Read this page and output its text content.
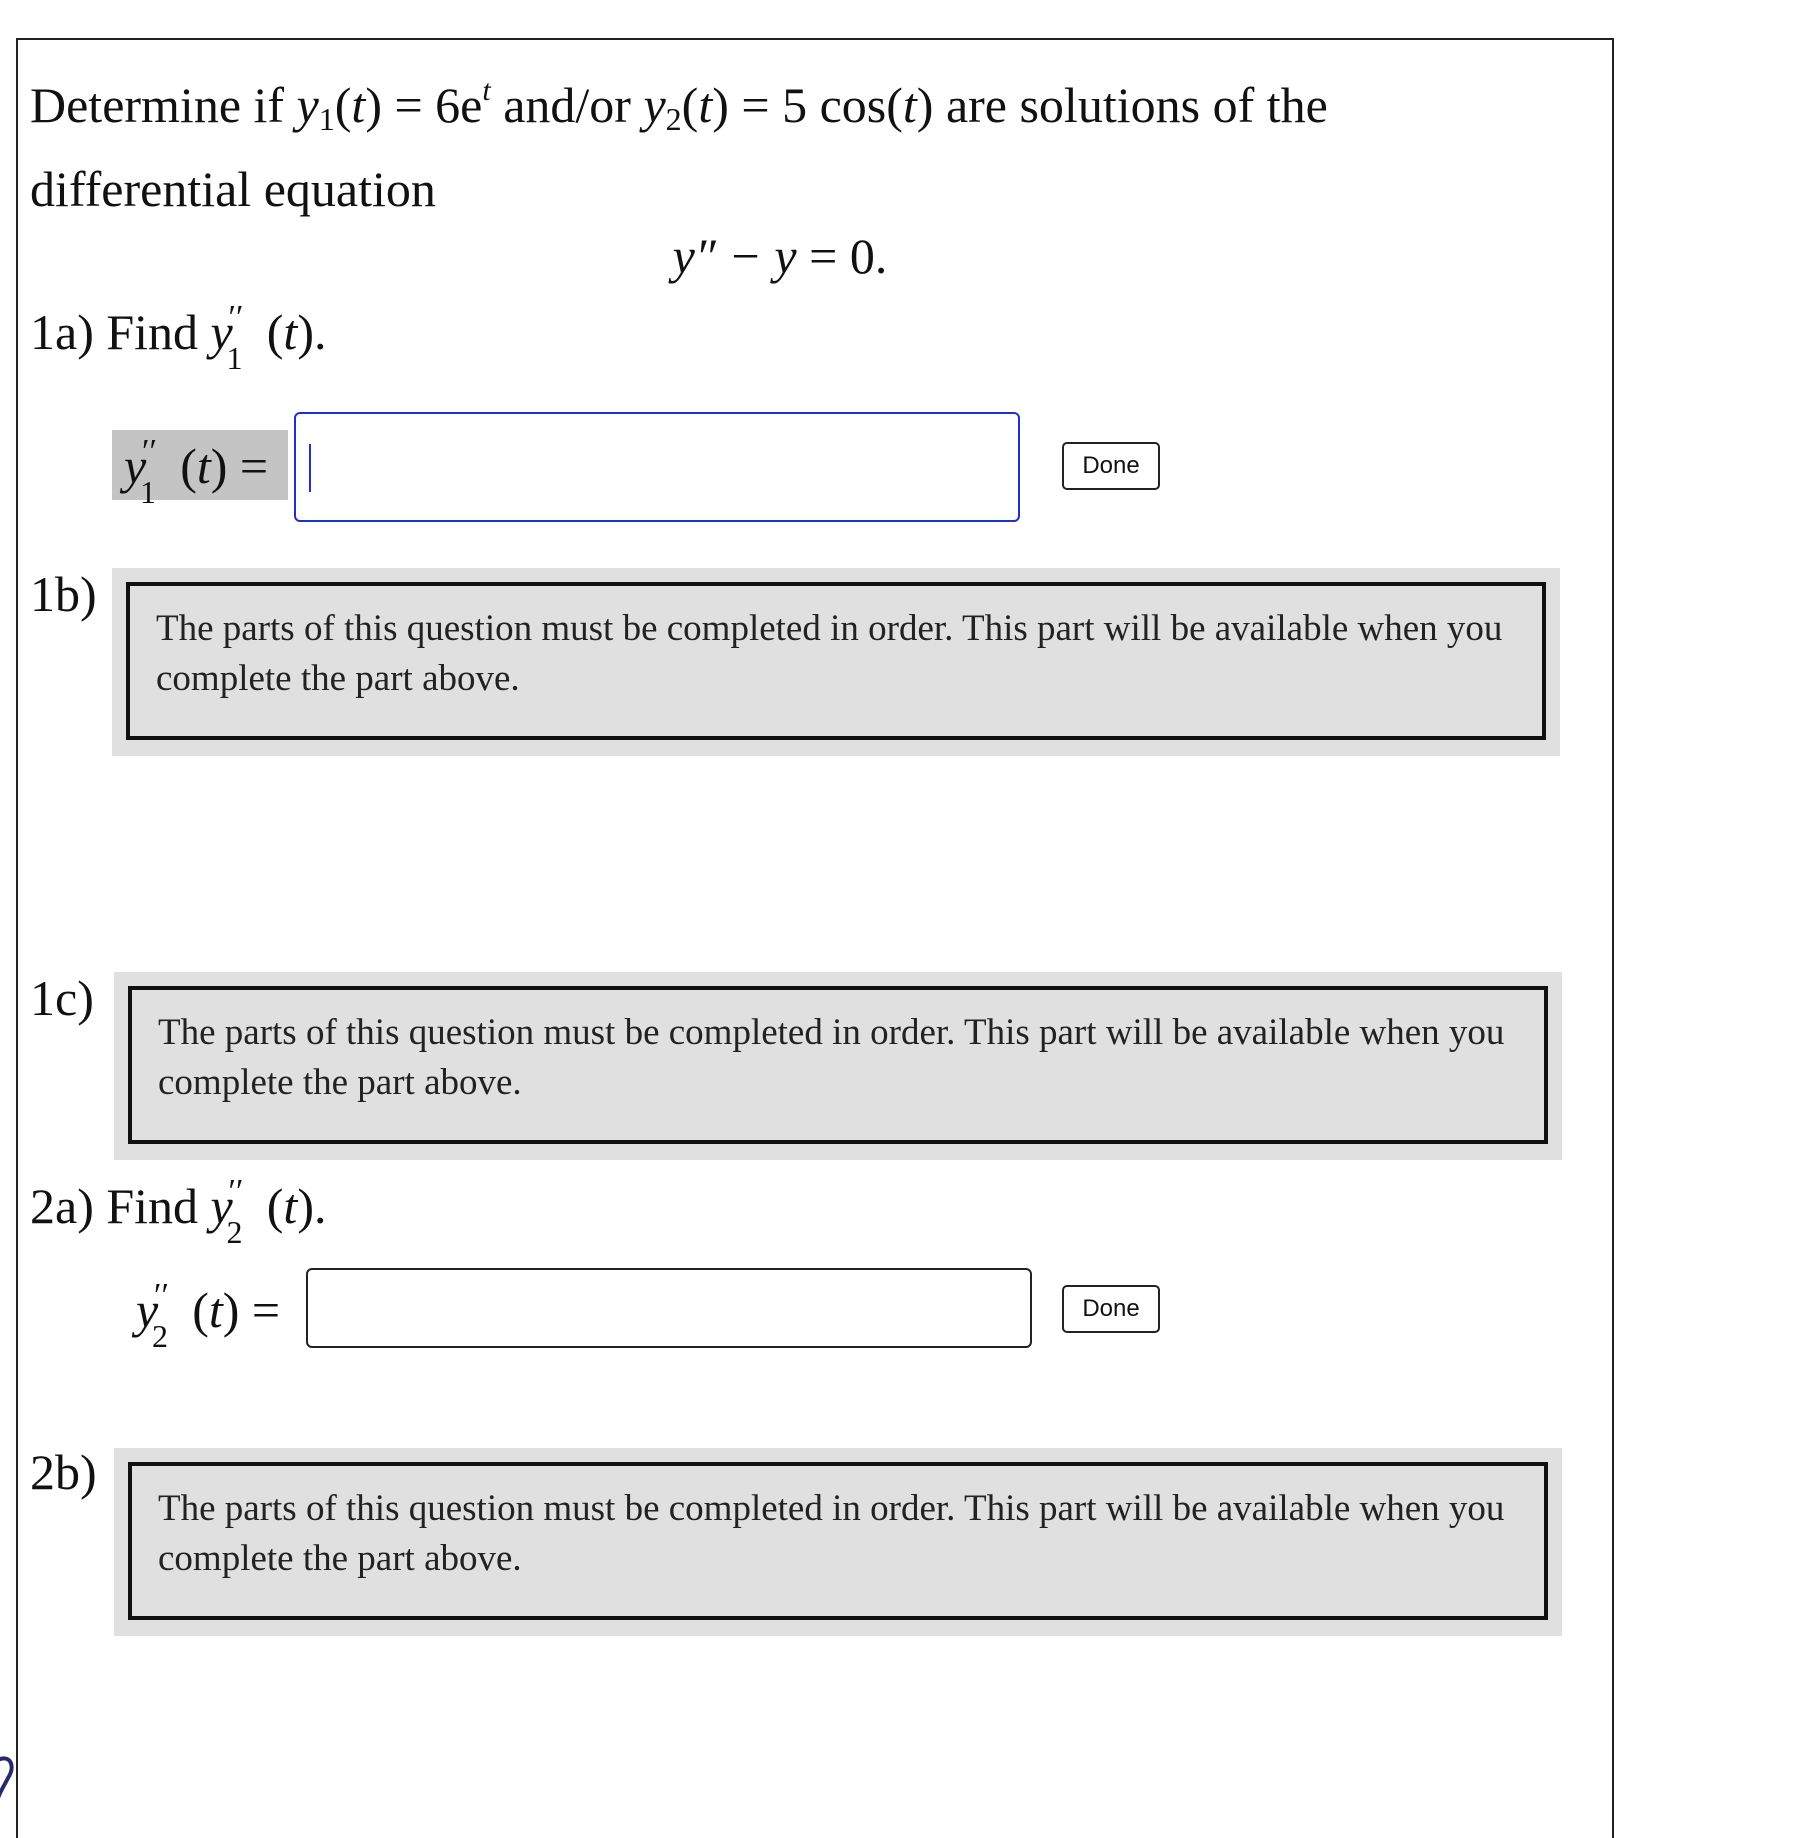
Determine if $y_1(t) = 6e^t$ and/or $y_2(t) = 5$ cos(t) are solutions of the differential equation
y″ − y = 0.
1a) Find y
′′
1 (t).
y
′′
1 (t) =	Done
1b)
The parts of this question must be completed in order. This part will be available when you complete the part above.
1c)
The parts of this question must be completed in order. This part will be available when you complete the part above.
2a) Find y
′′
2 (t).
y
′′
2 (t) =	Done
2b)
The parts of this question must be completed in order. This part will be available when you complete the part above.
